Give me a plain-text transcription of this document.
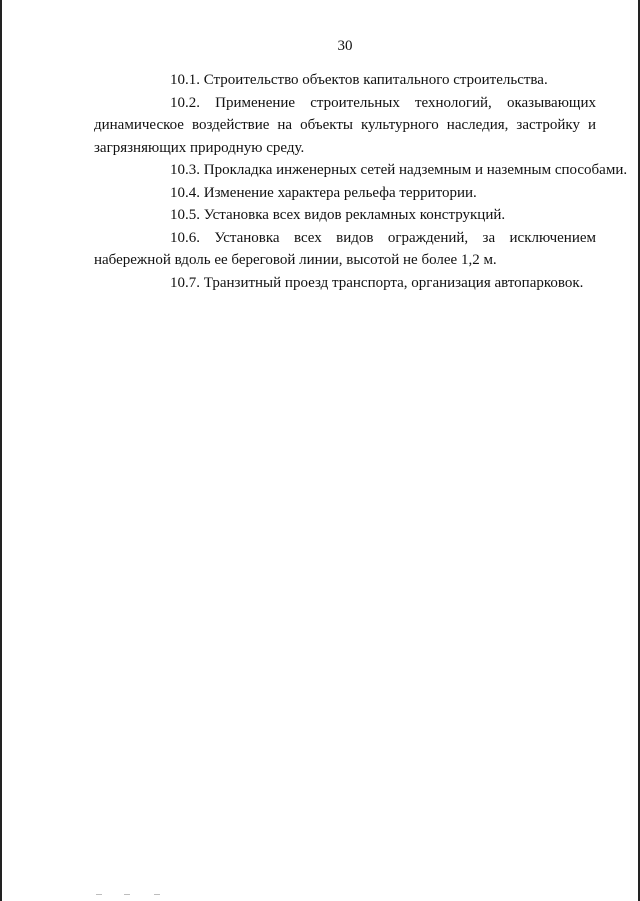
30

10.1. Строительство объектов капитального строительства.

10.2. Применение строительных технологий, оказывающих динамическое воздействие на объекты культурного наследия, застройку и загрязняющих природную среду.

10.3. Прокладка инженерных сетей надземным и наземным способами.

10.4. Изменение характера рельефа территории.

10.5. Установка всех видов рекламных конструкций.

10.6. Установка всех видов ограждений, за исключением набережной вдоль ее береговой линии, высотой не более 1,2 м.

10.7. Транзитный проезд транспорта, организация автопарковок.
